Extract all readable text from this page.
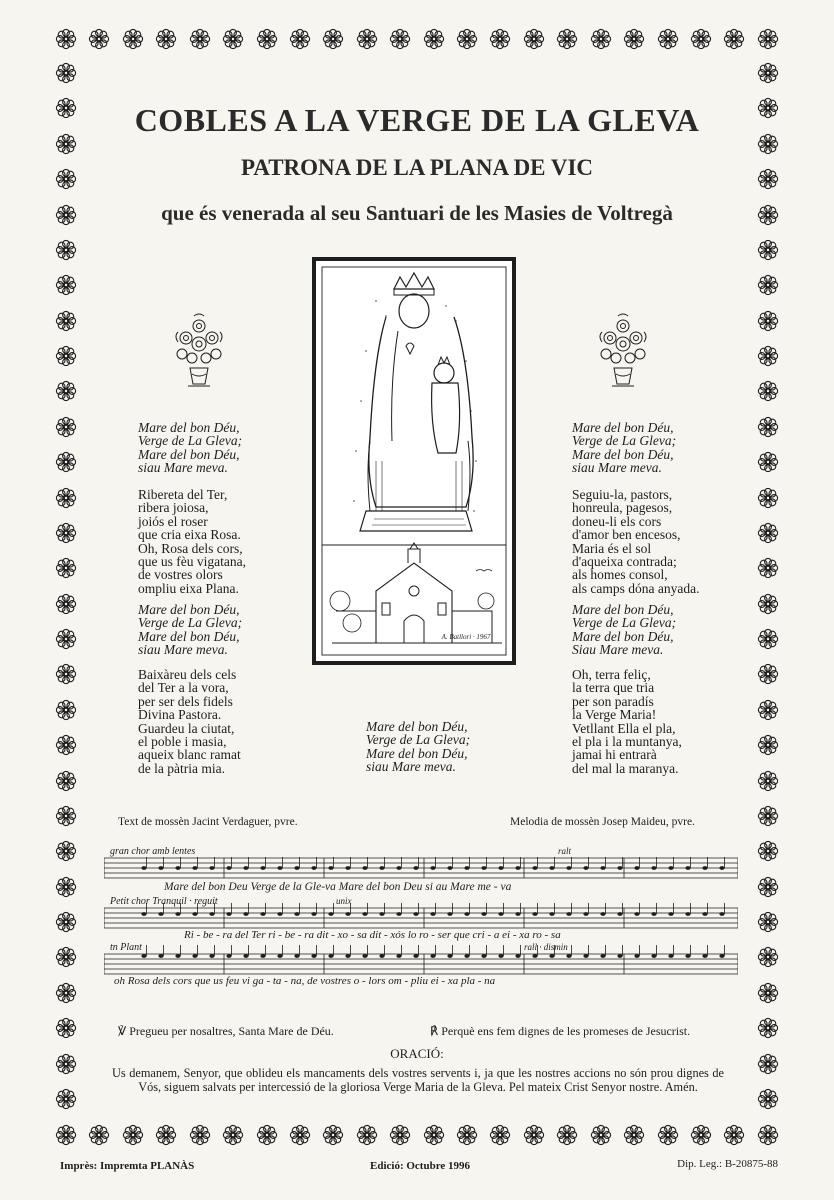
COBLES A LA VERGE DE LA GLEVA
PATRONA DE LA PLANA DE VIC
que és venerada al seu Santuari de les Masies de Voltregà
A. Batllori · 1967
Mare del bon Déu,
Verge de La Gleva;
Mare del bon Déu,
siau Mare meva.
Ribereta del Ter,
ribera joiosa,
joiós el roser
que cria eixa Rosa.
Oh, Rosa dels cors,
que us fèu vigatana,
de vostres olors
ompliu eixa Plana.
Mare del bon Déu,
Verge de La Gleva;
Mare del bon Déu,
siau Mare meva.
Baixàreu dels cels
del Ter a la vora,
per ser dels fidels
Divina Pastora.
Guardeu la ciutat,
el poble i masia,
aqueix blanc ramat
de la pàtria mia.
Mare del bon Déu,
Verge de La Gleva;
Mare del bon Déu,
siau Mare meva.
Mare del bon Déu,
Verge de La Gleva;
Mare del bon Déu,
siau Mare meva.
Seguiu-la, pastors,
honreula, pagesos,
doneu-li els cors
d'amor ben encesos,
Maria és el sol
d'aqueixa contrada;
als homes consol,
als camps dóna anyada.
Mare del bon Déu,
Verge de La Gleva;
Mare del bon Déu,
Siau Mare meva.
Oh, terra feliç,
la terra que tria
per son paradís
la Verge Maria!
Vetllant Ella el pla,
el pla i la muntanya,
jamai hi entrarà
del mal la maranya.
Text de mossèn Jacint Verdaguer, pvre.	Melodia de mossèn Josep Maideu, pvre.
gran chor amb lentes	ralt
Mare del bon Deu Verge de la Gle-va Mare del bon Deu si au Mare me - va
Petit chor Tranquil · reguit	unix
Ri - be - ra del Ter ri - be - ra dit - xo - sa dit - xós lo ro - ser que cri - a ei - xa ro - sa
tn Plant	rall · dismin
oh Rosa dels cors que us feu vi ga - ta - na, de vostres o - lors om - pliu ei - xa pla - na
℣ Pregueu per nosaltres, Santa Mare de Déu.	℟ Perquè ens fem dignes de les promeses de Jesucrist.
ORACIÓ:
Us demanem, Senyor, que oblideu els mancaments dels vostres servents i, ja que les nostres accions no són prou dignes de Vós, siguem salvats per intercessió de la gloriosa Verge Maria de la Gleva. Pel mateix Crist Senyor nostre. Amén.
Imprès: Impremta PLANÀS	Edició: Octubre 1996	Dip. Leg.: B-20875-88
